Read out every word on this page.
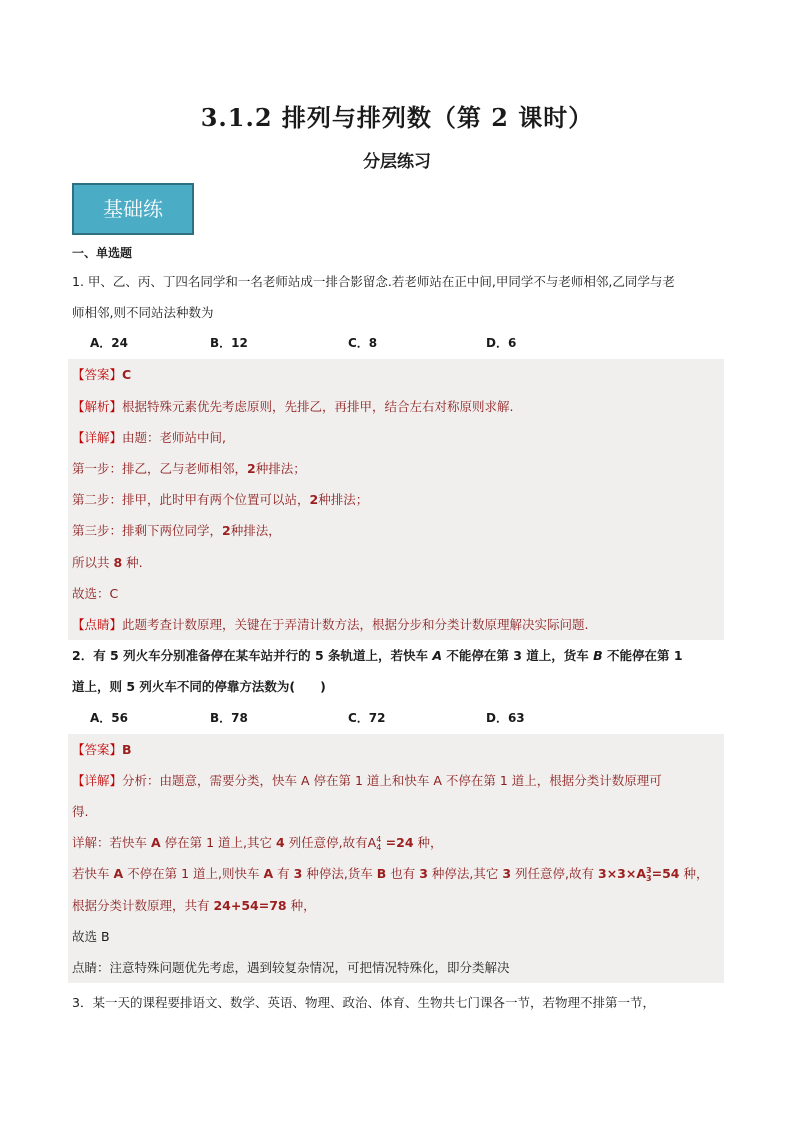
3.1.2 排列与排列数（第 2 课时）
分层练习
基础练
一、单选题
1. 甲、乙、丙、丁四名同学和一名老师站成一排合影留念.若老师站在正中间,甲同学不与老师相邻,乙同学与老
师相邻,则不同站法种数为
A．24	B．12	C．8	D．6
【答案】C
【解析】根据特殊元素优先考虑原则，先排乙，再排甲，结合左右对称原则求解.
【详解】由题：老师站中间,
第一步：排乙，乙与老师相邻，2种排法；
第二步：排甲，此时甲有两个位置可以站，2种排法；
第三步：排剩下两位同学，2种排法，
所以共 8 种.
故选：C
【点睛】此题考查计数原理，关键在于弄清计数方法，根据分步和分类计数原理解决实际问题.
2．有 5 列火车分别准备停在某车站并行的 5 条轨道上，若快车 A 不能停在第 3 道上，货车 B 不能停在第 1
道上，则 5 列火车不同的停靠方法数为(　　)
A．56	B．78	C．72	D．63
【答案】B
【详解】分析：由题意，需要分类，快车 A 停在第 1 道上和快车 A 不停在第 1 道上，根据分类计数原理可
得.
详解：若快车 A 停在第 1 道上,其它 4 列任意停,故有A 4
4 =24 种，
若快车 A 不停在第 1 道上,则快车 A 有 3 种停法,货车 B 也有 3 种停法,其它 3 列任意停,故有 3×3×A 3
3 =54 种，
根据分类计数原理，共有 24+54=78 种，
故选 B
点睛：注意特殊问题优先考虑，遇到较复杂情况，可把情况特殊化，即分类解决
3．某一天的课程要排语文、数学、英语、物理、政治、体育、生物共七门课各一节，若物理不排第一节，
